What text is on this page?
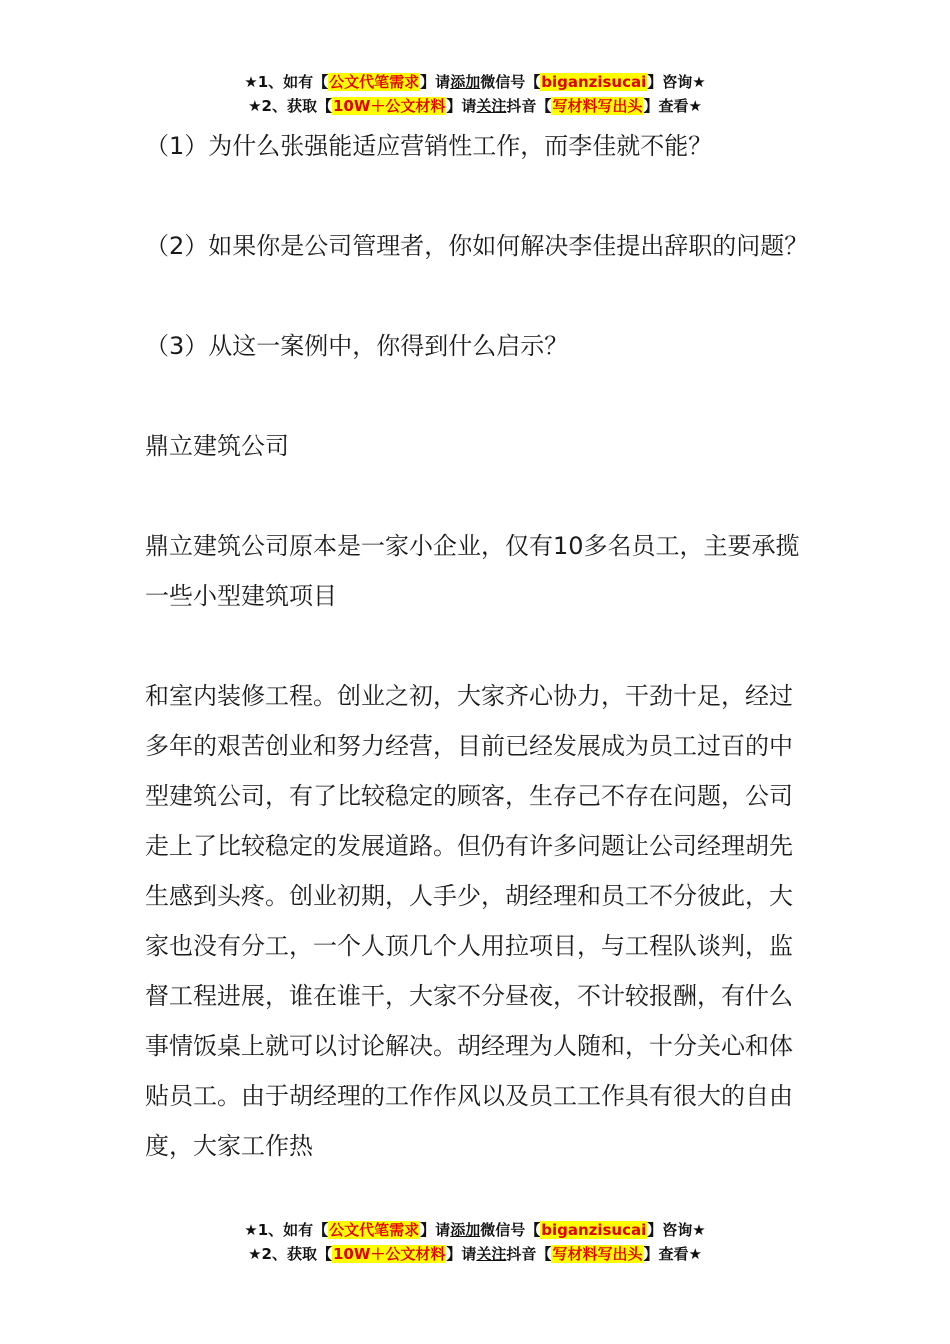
★1、如有【公文代笔需求】请添加微信号【biganzisucai】咨询★
★2、获取【10W＋公文材料】请关注抖音【写材料写出头】查看★

（1）为什么张强能适应营销性工作，而李佳就不能？

（2）如果你是公司管理者，你如何解决李佳提出辞职的问题？

（3）从这一案例中，你得到什么启示？

鼎立建筑公司

鼎立建筑公司原本是一家小企业，仅有10多名员工，主要承揽一些小型建筑项目

和室内装修工程。创业之初，大家齐心协力，干劲十足，经过多年的艰苦创业和努力经营，目前已经发展成为员工过百的中型建筑公司，有了比较稳定的顾客，生存己不存在问题，公司走上了比较稳定的发展道路。但仍有许多问题让公司经理胡先生感到头疼。创业初期，人手少，胡经理和员工不分彼此，大家也没有分工，一个人顶几个人用拉项目，与工程队谈判，监督工程进展，谁在谁干，大家不分昼夜，不计较报酬，有什么事情饭桌上就可以讨论解决。胡经理为人随和，十分关心和体贴员工。由于胡经理的工作作风以及员工工作具有很大的自由度，大家工作热

★1、如有【公文代笔需求】请添加微信号【biganzisucai】咨询★
★2、获取【10W＋公文材料】请关注抖音【写材料写出头】查看★
